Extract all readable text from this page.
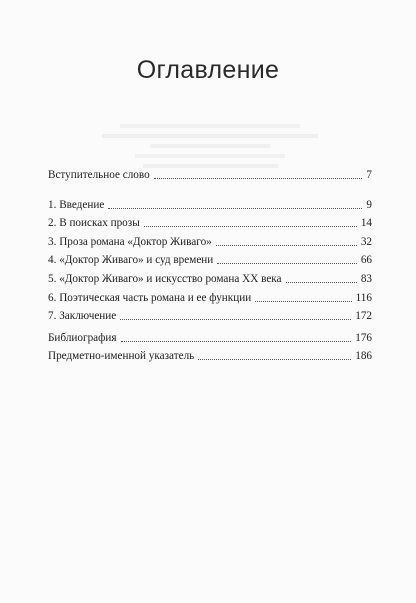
Оглавление
Вступительное слово	7
1. Введение	9
2. В поисках прозы	14
3. Проза романа «Доктор Живаго»	32
4. «Доктор Живаго» и суд времени	66
5. «Доктор Живаго» и искусство романа XX века	83
6. Поэтическая часть романа и ее функции	116
7. Заключение	172
Библиография	176
Предметно-именной указатель	186
